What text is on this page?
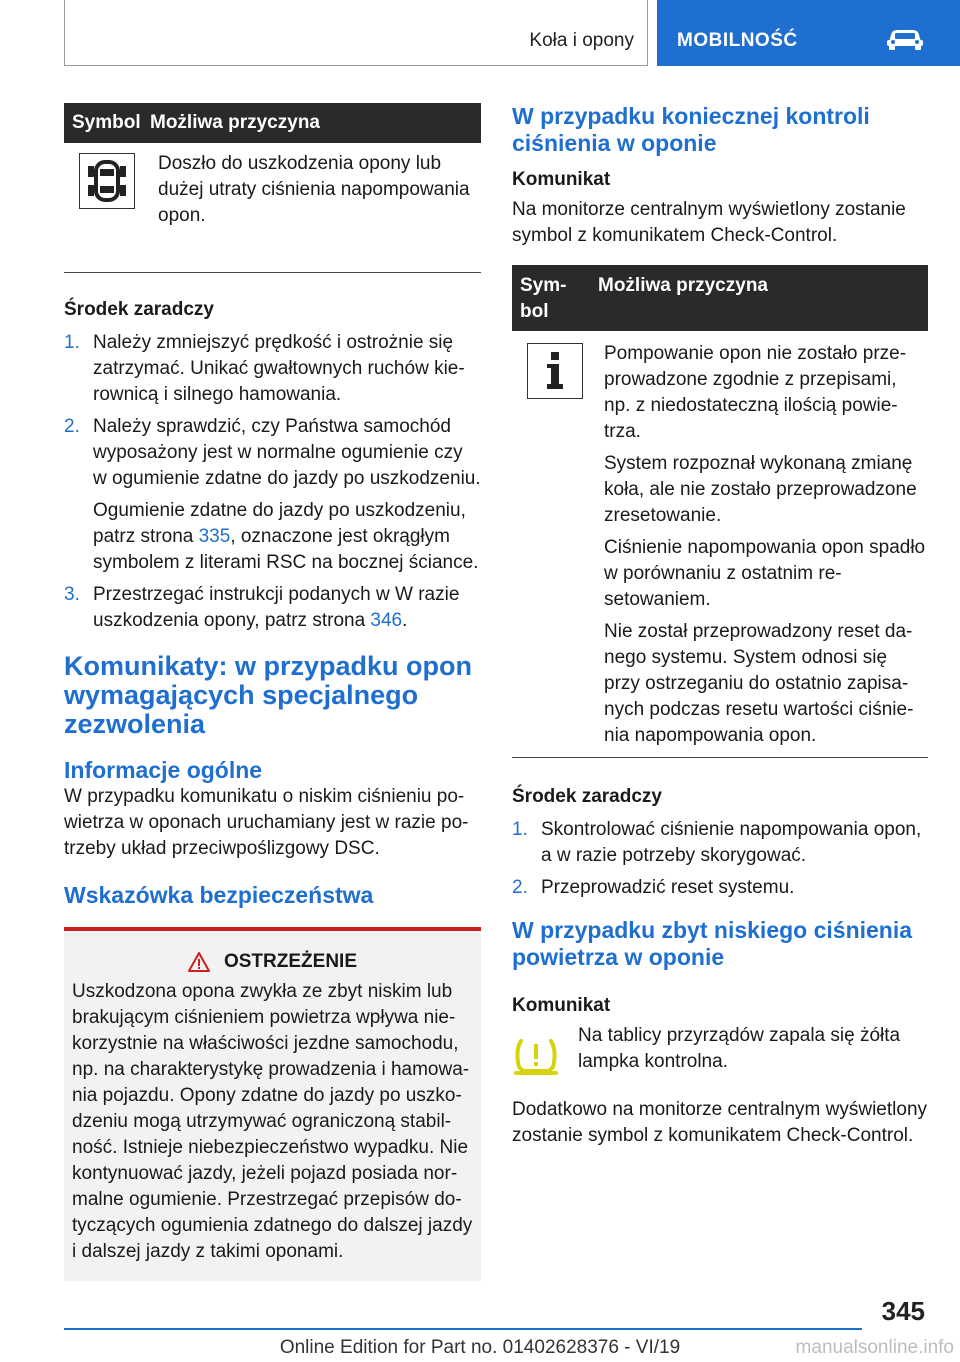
Koła i opony MOBILNOŚĆ
Symbol Możliwa przyczyna
Doszło do uszkodzenia opony lub dużej utraty ciśnienia napompowania opon.
Środek zaradczy
1. Należy zmniejszyć prędkość i ostrożnie się zatrzymać. Unikać gwałtownych ruchów kierownicą i silnego hamowania.
2. Należy sprawdzić, czy Państwa samochód wyposażony jest w normalne ogumienie czy w ogumienie zdatne do jazdy po uszkodzeniu.

Ogumienie zdatne do jazdy po uszkodzeniu, patrz strona 335, oznaczone jest okrągłym symbolem z literami RSC na bocznej ściance.

3. Przestrzegać instrukcji podanych w W razie uszkodzenia opony, patrz strona 346.
Komunikaty: w przypadku opon wymagających specjalnego zezwolenia
Informacje ogólne

W przypadku komunikatu o niskim ciśnieniu powietrza w oponach uruchamiany jest w razie potrzeby układ przeciwpoślizgowy DSC.

Wskazówka bezpieczeństwa
OSTRZEŻENIE

Uszkodzona opona zwykła ze zbyt niskim lub brakującym ciśnieniem powietrza wpływa niekorzystnie na właściwości jezdne samochodu, np. na charakterystykę prowadzenia i hamowania pojazdu. Opony zdatne do jazdy po uszkodzeniu mogą utrzymywać ograniczoną stabilność. Istnieje niebezpieczeństwo wypadku. Nie kontynuować jazdy, jeżeli pojazd posiada normalne ogumienie. Przestrzegać przepisów dotyczących ogumienia zdatnego do dalszej jazdy i dalszej jazdy z takimi oponami.

W przypadku koniecznej kontroli ciśnienia w oponie
Komunikat

Na monitorze centralnym wyświetlony zostanie symbol z komunikatem Check-Control.

Symbol
Możliwa przyczyna

Pompowanie opon nie zostało przeprowadzone zgodnie z przepisami, np. z niedostateczną ilością powietrza.

System rozpoznał wykonaną zmianę koła, ale nie zostało przeprowadzone zresetowanie.

Ciśnienie napompowania opon spadło w porównaniu z ostatnim resetowaniem.

Nie został przeprowadzony reset danego systemu. System odnosi się przy ostrzeganiu do ostatnio zapisanych podczas resetu wartości ciśnienia napompowania opon.

Środek zaradczy
1. Skontrolować ciśnienie napompowania opon, a w razie potrzeby skorygować.
2. Przeprowadzić reset systemu.
W przypadku zbyt niskiego ciśnienia powietrza w oponie
Komunikat

Na tablicy przyrządów zapala się żółta lampka kontrolna.

Dodatkowo na monitorze centralnym wyświetlony zostanie symbol z komunikatem Check-Control.

345
Online Edition for Part no. 01402628376 - VI/19	manualsonline.info
